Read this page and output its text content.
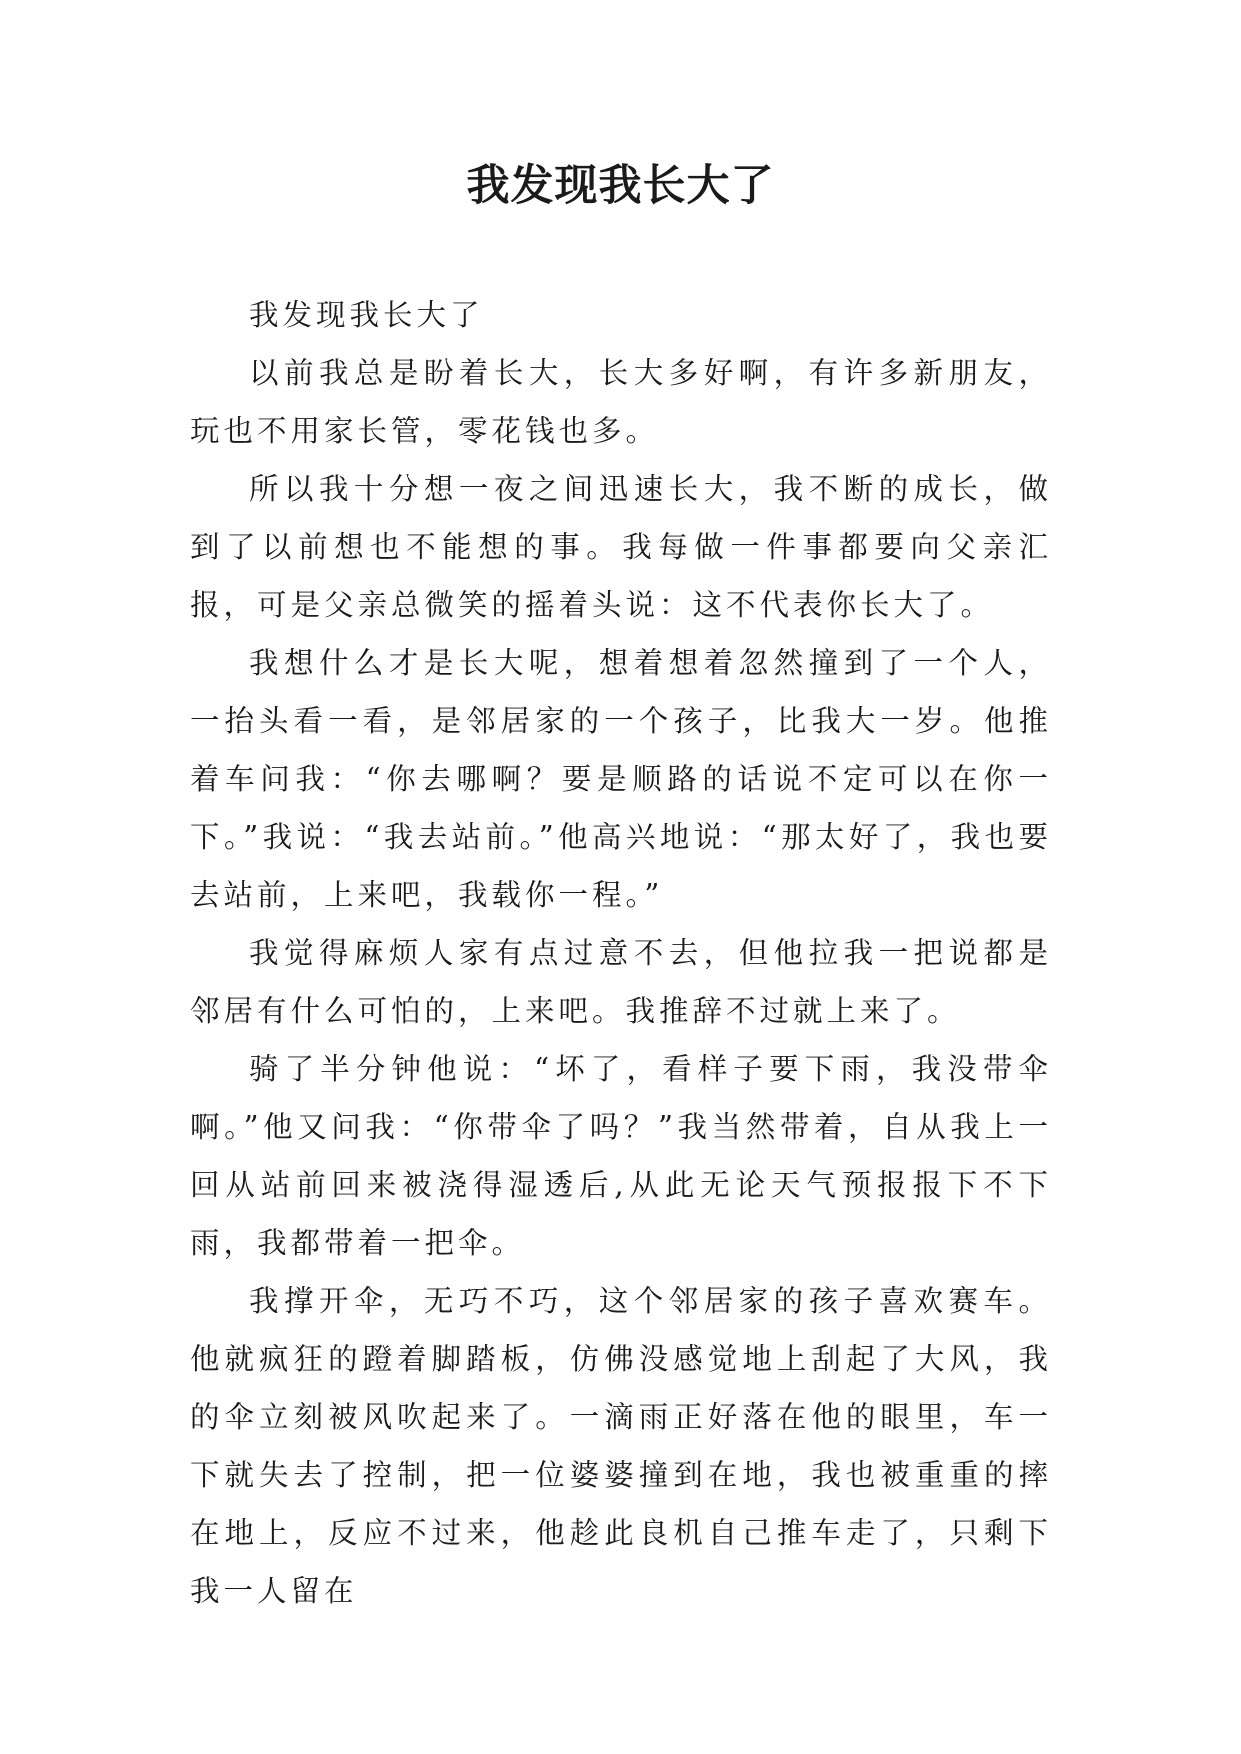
我发现我长大了

我发现我长大了

以前我总是盼着长大，长大多好啊，有许多新朋友，玩也不用家长管，零花钱也多。

所以我十分想一夜之间迅速长大，我不断的成长，做到了以前想也不能想的事。我每做一件事都要向父亲汇报，可是父亲总微笑的摇着头说：这不代表你长大了。

我想什么才是长大呢，想着想着忽然撞到了一个人，一抬头看一看，是邻居家的一个孩子，比我大一岁。他推着车问我：“你去哪啊？要是顺路的话说不定可以在你一下。”我说：“我去站前。”他高兴地说：“那太好了，我也要去站前，上来吧，我载你一程。”

我觉得麻烦人家有点过意不去，但他拉我一把说都是邻居有什么可怕的，上来吧。我推辞不过就上来了。

骑了半分钟他说：“坏了，看样子要下雨，我没带伞啊。”他又问我：“你带伞了吗？”我当然带着，自从我上一回从站前回来被浇得湿透后,从此无论天气预报报下不下雨，我都带着一把伞。

我撑开伞，无巧不巧，这个邻居家的孩子喜欢赛车。他就疯狂的蹬着脚踏板，仿佛没感觉地上刮起了大风，我的伞立刻被风吹起来了。一滴雨正好落在他的眼里，车一下就失去了控制，把一位婆婆撞到在地，我也被重重的摔在地上，反应不过来，他趁此良机自己推车走了，只剩下我一人留在
